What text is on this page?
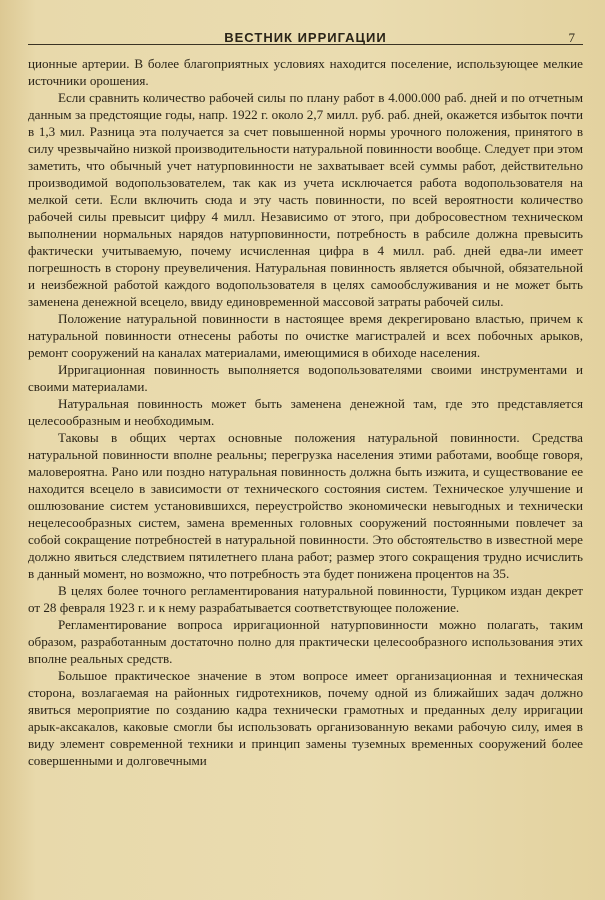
ВЕСТНИК ИРРИГАЦИИ	7

ционные артерии. В более благоприятных условиях находится поселение, использующее мелкие источники орошения.

Если сравнить количество рабочей силы по плану работ в 4.000.000 раб. дней и по отчетным данным за предстоящие годы, напр. 1922 г. около 2,7 милл. руб. раб. дней, окажется избыток почти в 1,3 мил. Разница эта получается за счет повышенной нормы урочного положения, принятого в силу чрезвычайно низкой производительности натуральной повинности вообще. Следует при этом заметить, что обычный учет натурповинности не захватывает всей суммы работ, действительно производимой водопользователем, так как из учета исключается работа водопользователя на мелкой сети. Если включить сюда и эту часть повинности, по всей вероятности количество рабочей силы превысит цифру 4 милл. Независимо от этого, при добросовестном техническом выполнении нормальных нарядов натурповинности, потребность в рабсиле должна превысить фактически учитываемую, почему исчисленная цифра в 4 милл. раб. дней едва-ли имеет погрешность в сторону преувеличения. Натуральная повинность является обычной, обязательной и неизбежной работой каждого водопользователя в целях самообслуживания и не может быть заменена денежной всецело, ввиду единовременной массовой затраты рабочей силы.

Положение натуральной повинности в настоящее время декрегировано властью, причем к натуральной повинности отнесены работы по очистке магистралей и всех побочных арыков, ремонт сооружений на каналах материалами, имеющимися в обиходе населения.

Ирригационная повинность выполняется водопользователями своими инструментами и своими материалами.

Натуральная повинность может быть заменена денежной там, где это представляется целесообразным и необходимым.

Таковы в общих чертах основные положения натуральной повинности. Средства натуральной повинности вполне реальны; перегрузка населения этими работами, вообще говоря, маловероятна. Рано или поздно натуральная повинность должна быть изжита, и существование ее находится всецело в зависимости от технического состояния систем. Техническое улучшение и ошлюзование систем установившихся, переустройство экономически невыгодных и технически нецелесообразных систем, замена временных головных сооружений постоянными повлечет за собой сокращение потребностей в натуральной повинности. Это обстоятельство в известной мере должно явиться следствием пятилетнего плана работ; размер этого сокращения трудно исчислить в данный момент, но возможно, что потребность эта будет понижена процентов на 35.

В целях более точного регламентирования натуральной повинности, Турциком издан декрет от 28 февраля 1923 г. и к нему разрабатывается соответствующее положение.

Регламентирование вопроса ирригационной натурповинности можно полагать, таким образом, разработанным достаточно полно для практически целесообразного использования этих вполне реальных средств.

Большое практическое значение в этом вопросе имеет организационная и техническая сторона, возлагаемая на районных гидротехников, почему одной из ближайших задач должно явиться мероприятие по созданию кадра технически грамотных и преданных делу ирригации арык-аксакалов, каковые смогли бы использовать организованную веками рабочую силу, имея в виду элемент современной техники и принцип замены туземных временных сооружений более совершенными и долговечными
